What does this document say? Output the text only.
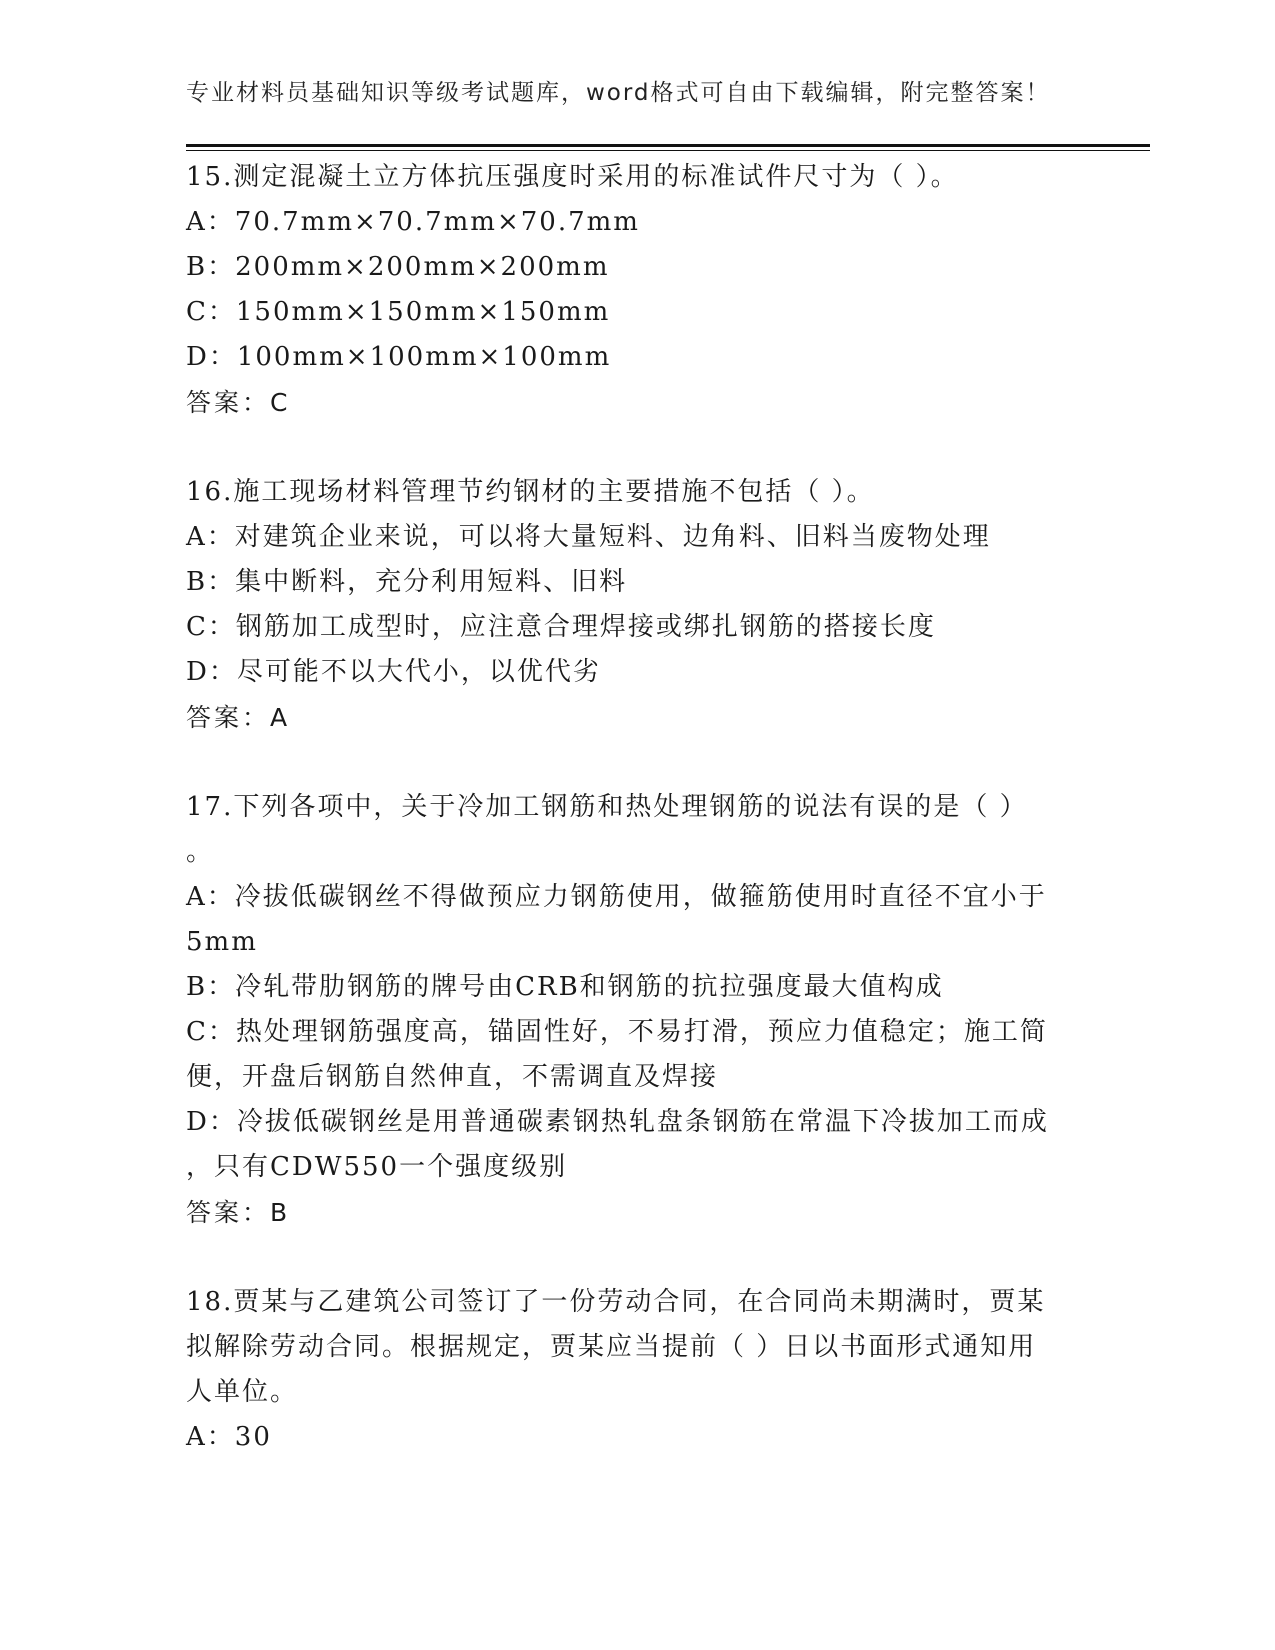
专业材料员基础知识等级考试题库，word格式可自由下载编辑，附完整答案！
15.测定混凝土立方体抗压强度时采用的标准试件尺寸为（ ）。
A：70.7mm×70.7mm×70.7mm
B：200mm×200mm×200mm
C：150mm×150mm×150mm
D：100mm×100mm×100mm
答案：C
16.施工现场材料管理节约钢材的主要措施不包括（ ）。
A：对建筑企业来说，可以将大量短料、边角料、旧料当废物处理
B：集中断料，充分利用短料、旧料
C：钢筋加工成型时，应注意合理焊接或绑扎钢筋的搭接长度
D：尽可能不以大代小，以优代劣
答案：A
17.下列各项中，关于冷加工钢筋和热处理钢筋的说法有误的是（ ）
。
A：冷拔低碳钢丝不得做预应力钢筋使用，做箍筋使用时直径不宜小于
5mm
B：冷轧带肋钢筋的牌号由CRB和钢筋的抗拉强度最大值构成
C：热处理钢筋强度高，锚固性好，不易打滑，预应力值稳定；施工简
便，开盘后钢筋自然伸直，不需调直及焊接
D：冷拔低碳钢丝是用普通碳素钢热轧盘条钢筋在常温下冷拔加工而成
，只有CDW550一个强度级别
答案：B
18.贾某与乙建筑公司签订了一份劳动合同，在合同尚未期满时，贾某
拟解除劳动合同。根据规定，贾某应当提前（ ）日以书面形式通知用
人单位。
A：30
